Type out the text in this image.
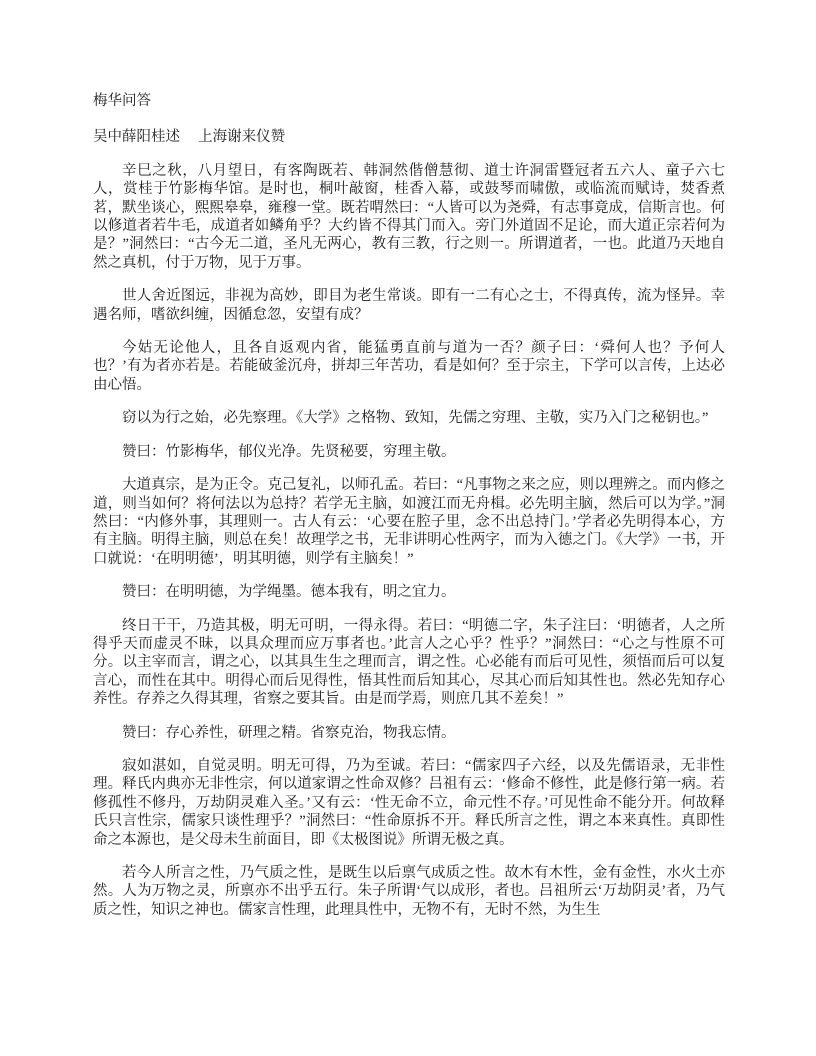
梅华问答
吴中薛阳桂述 上海谢来仪赞

辛巳之秋，八月望日，有客陶既若、韩洞然偕僧慧彻、道士许洞雷暨冠者五六人、童子六七人，赏桂于竹影梅华馆。是时也，桐叶敲窗，桂香入幕，或鼓琴而啸傲，或临流而赋诗，焚香煮茗，默坐谈心，熙熙皋皋，雍穆一堂。既若喟然曰：“人皆可以为尧舜，有志事竟成，信斯言也。何以修道者若牛毛，成道者如鳞角乎？大约皆不得其门而入。旁门外道固不足论，而大道正宗若何为是？”洞然曰：“古今无二道，圣凡无两心，教有三教，行之则一。所谓道者，一也。此道乃天地自然之真机，付于万物，见于万事。

世人舍近图远，非视为高妙，即目为老生常谈。即有一二有心之士，不得真传，流为怪异。幸遇名师，嗜欲纠缠，因循怠忽，安望有成？

今姑无论他人，且各自返观内省，能猛勇直前与道为一否？颜子曰：‘舜何人也？予何人也？’有为者亦若是。若能破釜沉舟，拼却三年苦功，看是如何？至于宗主，下学可以言传，上达必由心悟。

窃以为行之始，必先察理。《大学》之格物、致知，先儒之穷理、主敬，实乃入门之秘钥也。”

赞曰：竹影梅华，郁仪光净。先贤秘要，穷理主敬。

大道真宗，是为正令。克己复礼，以师孔孟。若曰：“凡事物之来之应，则以理辨之。而内修之道，则当如何？将何法以为总持？若学无主脑，如渡江而无舟楫。必先明主脑，然后可以为学。”洞然曰：“内修外事，其理则一。古人有云：‘心要在腔子里，念不出总持门。’学者必先明得本心，方有主脑。明得主脑，则总在矣！故理学之书，无非讲明心性两字，而为入德之门。《大学》一书，开口就说：‘在明明德’，明其明德，则学有主脑矣！”

赞曰：在明明德，为学绳墨。德本我有，明之宜力。

终日干干，乃造其极，明无可明，一得永得。若曰：“明德二字，朱子注曰：‘明德者，人之所得乎天而虚灵不昧，以具众理而应万事者也。’此言人之心乎？性乎？”洞然曰：“心之与性原不可分。以主宰而言，谓之心，以其具生生之理而言，谓之性。心必能有而后可见性，须悟而后可以复言心，而性在其中。明得心而后见得性，悟其性而后知其心，尽其心而后知其性也。然必先知存心养性。存养之久得其理，省察之要其旨。由是而学焉，则庶几其不差矣！”

赞曰：存心养性，研理之精。省察克治，物我忘情。

寂如湛如，自觉灵明。明无可得，乃为至诚。若曰：“儒家四子六经，以及先儒语录，无非性理。释氏内典亦无非性宗，何以道家谓之性命双修？吕祖有云：‘修命不修性，此是修行第一病。若修孤性不修丹，万劫阴灵难入圣。’又有云：‘性无命不立，命元性不存。’可见性命不能分开。何故释氏只言性宗，儒家只谈性理乎？”洞然曰：“性命原拆不开。释氏所言之性，谓之本来真性。真即性命之本源也，是父母未生前面目，即《太极图说》所谓无极之真。

若今人所言之性，乃气质之性，是既生以后禀气成质之性。故木有木性，金有金性，水火土亦然。人为万物之灵，所禀亦不出乎五行。朱子所谓‘气以成形，者也。吕祖所云‘万劫阴灵’者，乃气质之性，知识之神也。儒家言性理，此理具性中，无物不有，无时不然，为生生
